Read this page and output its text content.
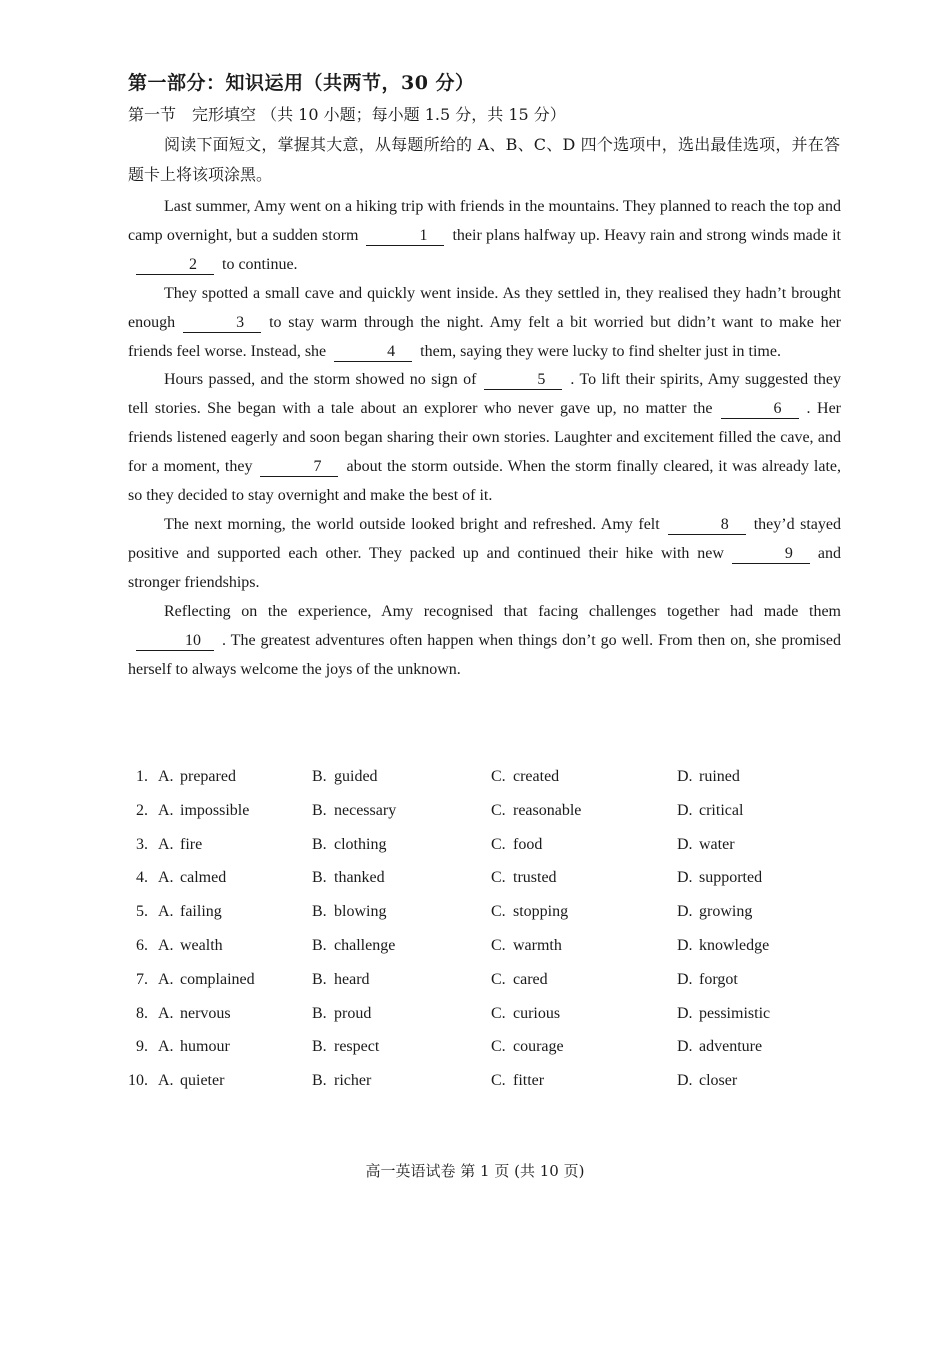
第一部分：知识运用（共两节，30 分）
第一节　完形填空 （共 10 小题；每小题 1.5 分，共 15 分）
阅读下面短文，掌握其大意，从每题所给的 A、B、C、D 四个选项中，选出最佳选项，并在答题卡上将该项涂黑。

Last summer, Amy went on a hiking trip with friends in the mountains. They planned to reach the top and camp overnight, but a sudden storm	1 their plans halfway up. Heavy rain and strong winds made it2 to continue.

They spotted a small cave and quickly went inside. As they settled in, they realised they hadn’t brought enough	3 to stay warm through the night. Amy felt a bit worried but didn’t want to make her friends feel worse. Instead, she	4 them, saying they were lucky to find shelter just in time.

Hours passed, and the storm showed no sign of	5 . To lift their spirits, Amy suggested they tell stories. She began with a tale about an explorer who never gave up, no matter the	6 . Her friends listened eagerly and soon began sharing their own stories. Laughter and excitement filled the cave, and for a moment, they	7 about the storm outside. When the storm finally cleared, it was already late, so they decided to stay overnight and make the best of it.

The next morning, the world outside looked bright and refreshed. Amy felt	8 they’d stayed positive and supported each other. They packed up and continued their hike with new	9 and stronger friendships.

Reflecting on the experience, Amy recognised that facing challenges together had made them10 . The greatest adventures often happen when things don’t go well. From then on, she promised herself to always welcome the joys of the unknown.

1. A. prepared	B. guided	C. created	D. ruined
2. A. impossible	B. necessary	C. reasonable	D. critical
3. A. fire	B. clothing	C. food	D. water
4. A. calmed	B. thanked	C. trusted	D. supported
5. A. failing	B. blowing	C. stopping	D. growing
6. A. wealth	B. challenge	C. warmth	D. knowledge
7. A. complained	B. heard	C. cared	D. forgot
8. A. nervous	B. proud	C. curious	D. pessimistic
9. A. humour	B. respect	C. courage	D. adventure
10. A. quieter	B. richer	C. fitter	D. closer
高一英语试卷 第 1 页 (共 10 页)
